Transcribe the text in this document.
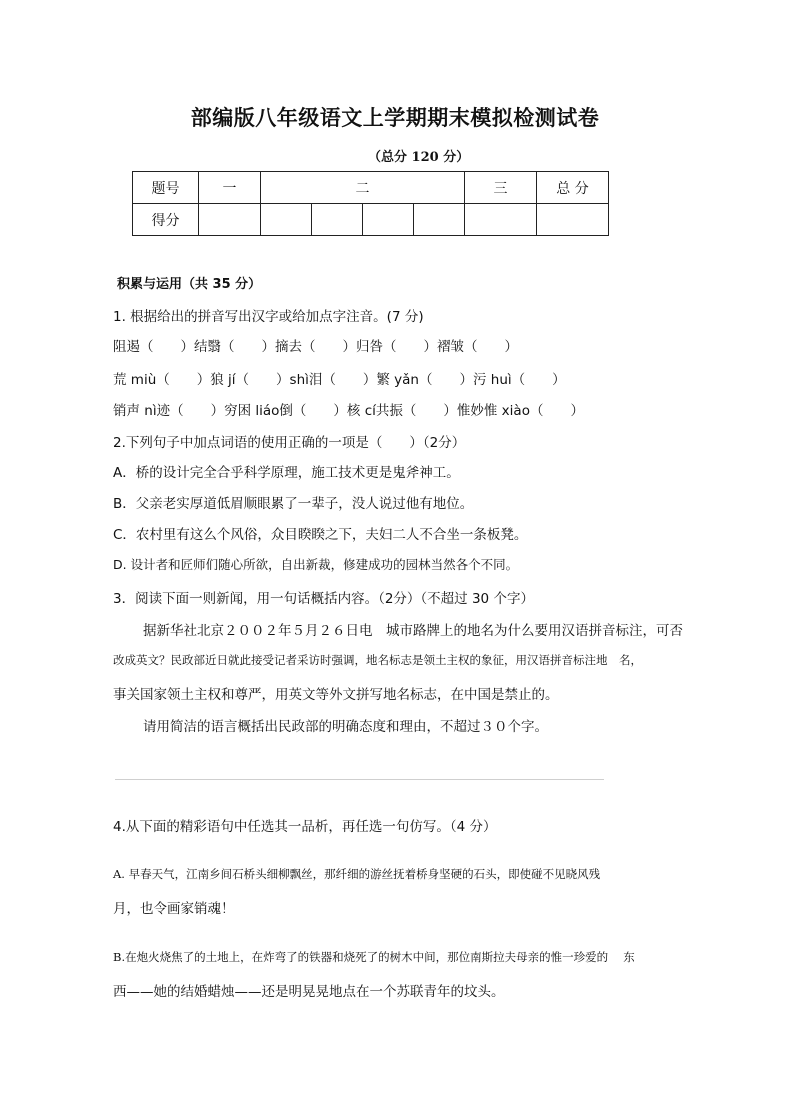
部编版八年级语文上学期期末模拟检测试卷
（总分 120 分）
题号	一	二				三	总 分
得分							
积累与运用（共 35 分）
1. 根据给出的拼音写出汉字或给加点字注音。(7 分)
阻遏（　　）结翳（　　）摘去（　　）归咎（　　）褶皱（　　）
荒 miù（　　）狼 jí（　　）shì泪（　　）繁 yǎn（　　）污 huì（　　）
销声 nì迹（　　）穷困 liáo倒（　　）核 cí共振（　　）惟妙惟 xiào（　　）
2.下列句子中加点词语的使用正确的一项是（　　）（2分）
A．桥的设计完全合乎科学原理，施工技术更是鬼斧神工。
B．父亲老实厚道低眉顺眼累了一辈子，没人说过他有地位。
C．农村里有这么个风俗，众目睽睽之下，夫妇二人不合坐一条板凳。
D. 设计者和匠师们随心所欲，自出新裁，修建成功的园林当然各个不同。
3．阅读下面一则新闻，用一句话概括内容。（2分）（不超过 30 个字）
据新华社北京２００２年５月２６日电　城市路牌上的地名为什么要用汉语拼音标注，可否
改成英文？民政部近日就此接受记者采访时强调，地名标志是领土主权的象征，用汉语拼音标注地　名，
事关国家领土主权和尊严，用英文等外文拼写地名标志，在中国是禁止的。
请用简洁的语言概括出民政部的明确态度和理由，不超过３０个字。
4.从下面的精彩语句中任选其一品析，再任选一句仿写。（4 分）
A. 早春天气，江南乡间石桥头细柳飘丝，那纤细的游丝抚着桥身坚硬的石头，即使碰不见晓风残
月，也令画家销魂！
B.在炮火烧焦了的土地上，在炸弯了的铁器和烧死了的树木中间，那位南斯拉夫母亲的惟一珍爱的　 东
西——她的结婚蜡烛——还是明晃晃地点在一个苏联青年的坟头。
